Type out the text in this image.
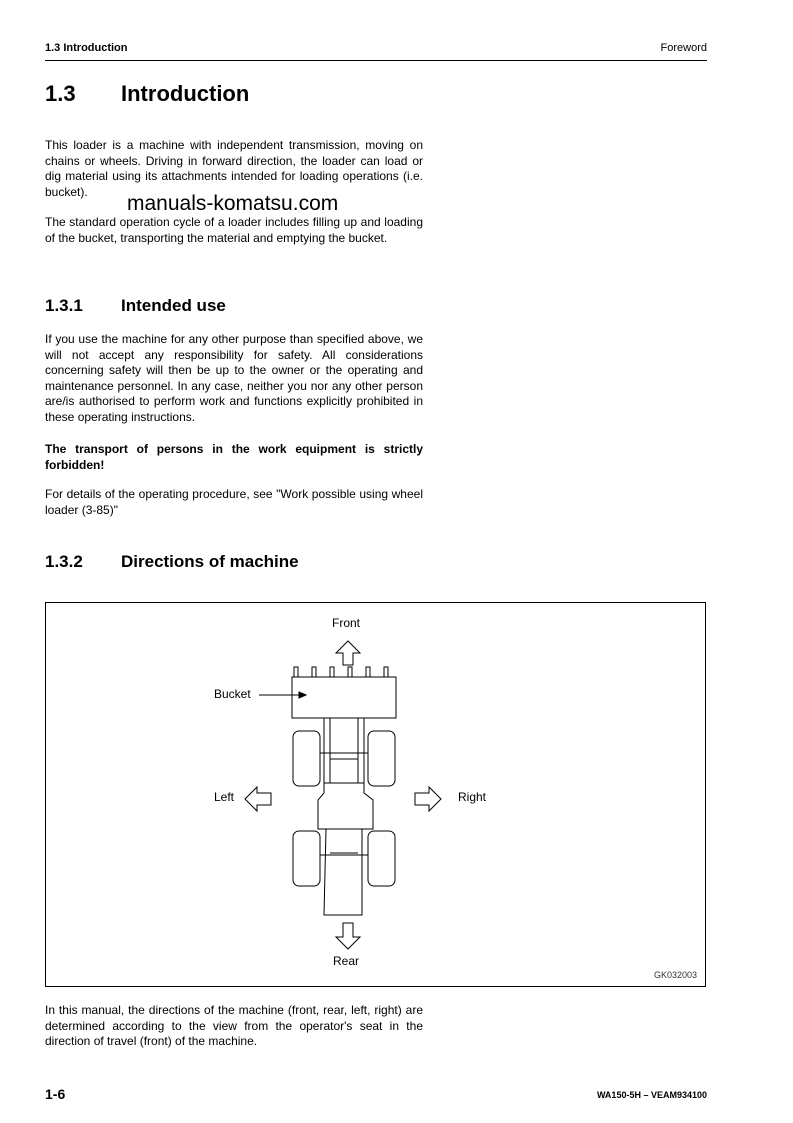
1.3 Introduction	Foreword
1.3 Introduction

This loader is a machine with independent transmission, moving on chains or wheels. Driving in forward direction, the loader can load or dig material using its attachments intended for loading operations (i.e. bucket).

manuals-komatsu.com

The standard operation cycle of a loader includes filling up and loading of the bucket, transporting the material and emptying the bucket.

1.3.1 Intended use

If you use the machine for any other purpose than specified above, we will not accept any responsibility for safety. All considerations concerning safety will then be up to the owner or the operating and maintenance personnel. In any case, neither you nor any other person are/is authorised to perform work and functions explicitly prohibited in these operating instructions.

The transport of persons in the work equipment is strictly forbidden!

For details of the operating procedure, see "Work possible using wheel loader (3-85)"

1.3.2 Directions of machine
Front
Rear
Left	Right
Bucket
GK032003

In this manual, the directions of the machine (front, rear, left, right) are determined according to the view from the operator's seat in the direction of travel (front) of the machine.

1-6	WA150-5H – VEAM934100
